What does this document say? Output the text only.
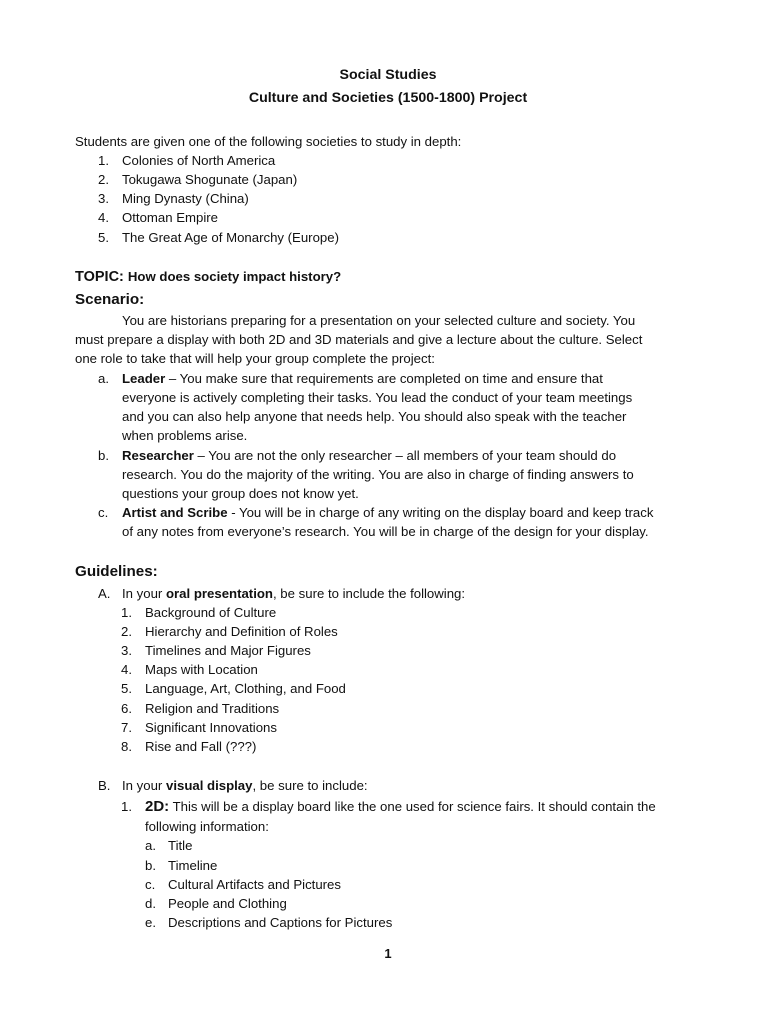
Social Studies
Culture and Societies (1500-1800) Project
Students are given one of the following societies to study in depth:
1. Colonies of North America
2. Tokugawa Shogunate (Japan)
3. Ming Dynasty (China)
4. Ottoman Empire
5. The Great Age of Monarchy (Europe)
TOPIC: How does society impact history?
Scenario:
You are historians preparing for a presentation on your selected culture and society. You
must prepare a display with both 2D and 3D materials and give a lecture about the culture. Select
one role to take that will help your group complete the project:
a. Leader – You make sure that requirements are completed on time and ensure that
everyone is actively completing their tasks. You lead the conduct of your team meetings
and you can also help anyone that needs help. You should also speak with the teacher
when problems arise.
b. Researcher – You are not the only researcher – all members of your team should do
research. You do the majority of the writing. You are also in charge of finding answers to
questions your group does not know yet.
c. Artist and Scribe - You will be in charge of any writing on the display board and keep track
of any notes from everyone’s research. You will be in charge of the design for your display.
Guidelines:
A. In your oral presentation, be sure to include the following:
1. Background of Culture
2. Hierarchy and Definition of Roles
3. Timelines and Major Figures
4. Maps with Location
5. Language, Art, Clothing, and Food
6. Religion and Traditions
7. Significant Innovations
8. Rise and Fall (???)
B. In your visual display, be sure to include:
1. 2D: This will be a display board like the one used for science fairs. It should contain the
following information:
a. Title
b. Timeline
c. Cultural Artifacts and Pictures
d. People and Clothing
e. Descriptions and Captions for Pictures
1
